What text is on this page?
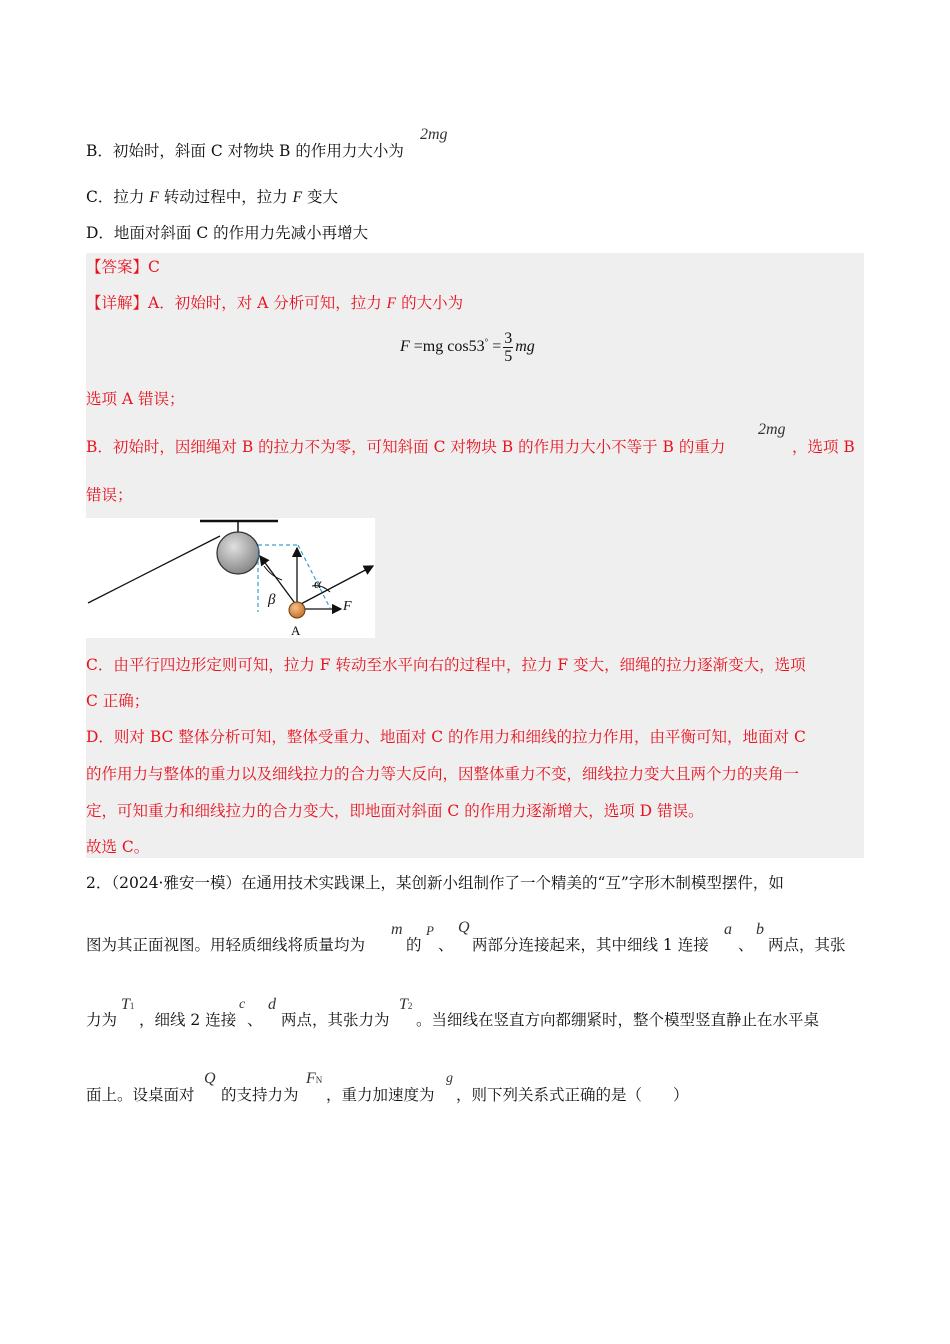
B．初始时，斜面 C 对物块 B 的作用力大小为
2mg
C．拉力 F 转动过程中，拉力 F 变大
D．地面对斜面 C 的作用力先减小再增大
【答案】C
【详解】A．初始时，对 A 分析可知，拉力 F 的大小为
F =mg $\cos 53^\circ = \frac{3}{5}$ mg
选项 A 错误；
B．初始时，因细绳对 B 的拉力不为零，可知斜面 C 对物块 B 的作用力大小不等于 B 的重力
2mg
，选项 B
错误；
β
α
F
A
C．由平行四边形定则可知，拉力 F 转动至水平向右的过程中，拉力 F 变大，细绳的拉力逐渐变大，选项
C 正确；
D．则对 BC 整体分析可知，整体受重力、地面对 C 的作用力和细线的拉力作用，由平衡可知，地面对 C
的作用力与整体的重力以及细线拉力的合力等大反向，因整体重力不变，细线拉力变大且两个力的夹角一
定，可知重力和细线拉力的合力变大，即地面对斜面 C 的作用力逐渐增大，选项 D 错误。
故选 C。
2．（2024·雅安一模）在通用技术实践课上，某创新小组制作了一个精美的“互”字形木制模型摆件，如
图为其正面视图。用轻质细线将质量均为
m
的
P
、
Q
两部分连接起来，其中细线 1 连接
a
、
b
两点，其张
力为
T1
，细线 2 连接
c
、
d
两点，其张力为
T2
。当细线在竖直方向都绷紧时，整个模型竖直静止在水平桌
面上。设桌面对
Q
的支持力为
FN
，重力加速度为
g
，则下列关系式正确的是（　　）
